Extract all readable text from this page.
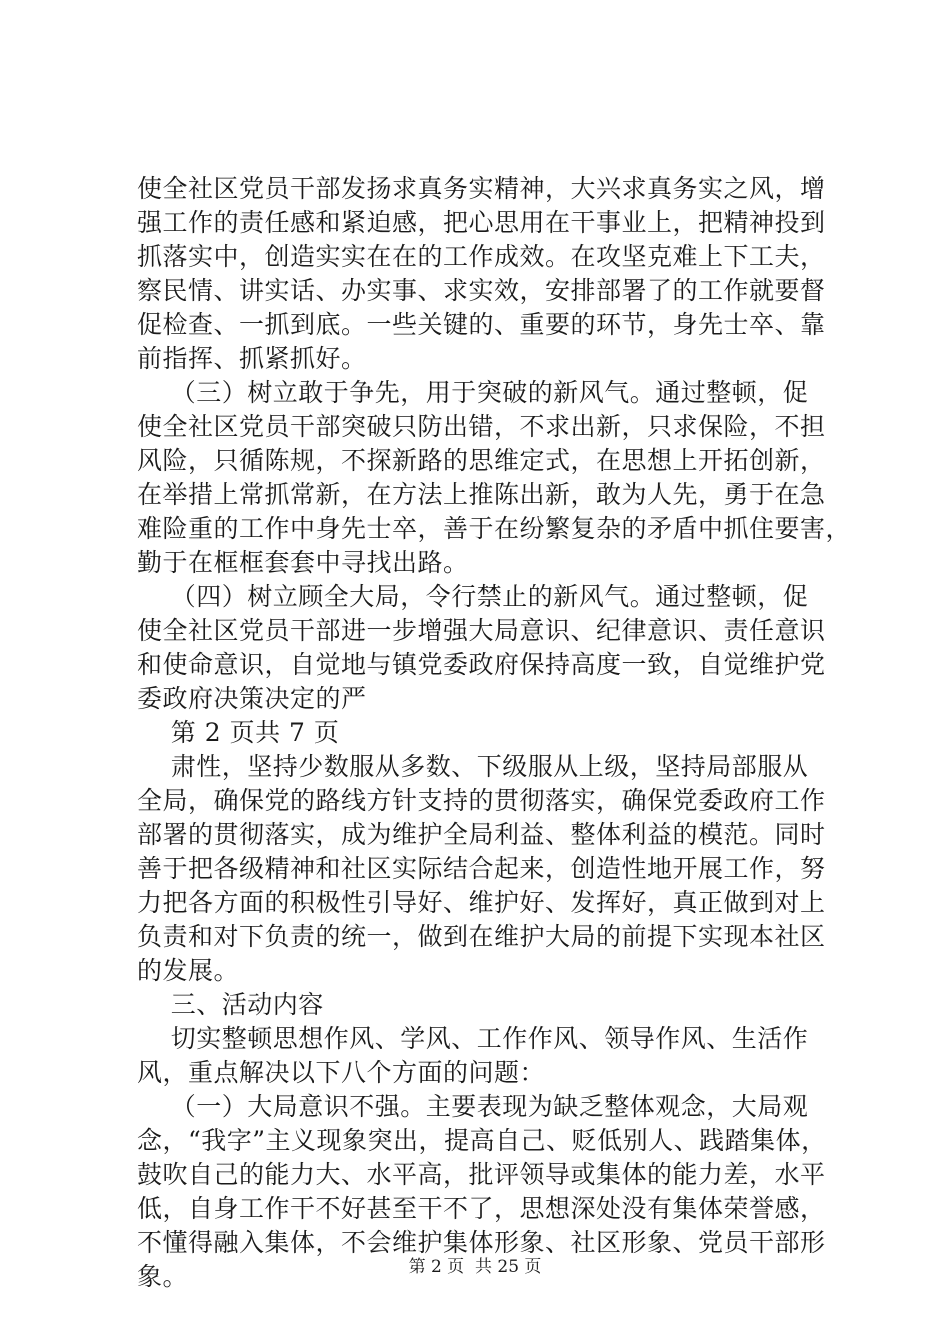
使全社区党员干部发扬求真务实精神，大兴求真务实之风，增
强工作的责任感和紧迫感，把心思用在干事业上，把精神投到
抓落实中，创造实实在在的工作成效。在攻坚克难上下工夫，
察民情、讲实话、办实事、求实效，安排部署了的工作就要督
促检查、一抓到底。一些关键的、重要的环节，身先士卒、靠
前指挥、抓紧抓好。
（三）树立敢于争先，用于突破的新风气。通过整顿，促
使全社区党员干部突破只防出错，不求出新，只求保险，不担
风险，只循陈规，不探新路的思维定式，在思想上开拓创新，
在举措上常抓常新，在方法上推陈出新，敢为人先，勇于在急
难险重的工作中身先士卒，善于在纷繁复杂的矛盾中抓住要害，
勤于在框框套套中寻找出路。
（四）树立顾全大局，令行禁止的新风气。通过整顿，促
使全社区党员干部进一步增强大局意识、纪律意识、责任意识
和使命意识，自觉地与镇党委政府保持高度一致，自觉维护党
委政府决策决定的严
第 2 页共 7 页
肃性，坚持少数服从多数、下级服从上级，坚持局部服从
全局，确保党的路线方针支持的贯彻落实，确保党委政府工作
部署的贯彻落实，成为维护全局利益、整体利益的模范。同时
善于把各级精神和社区实际结合起来，创造性地开展工作，努
力把各方面的积极性引导好、维护好、发挥好，真正做到对上
负责和对下负责的统一，做到在维护大局的前提下实现本社区
的发展。
三、活动内容
切实整顿思想作风、学风、工作作风、领导作风、生活作
风，重点解决以下八个方面的问题：
（一）大局意识不强。主要表现为缺乏整体观念，大局观
念，“我字”主义现象突出，提高自己、贬低别人、践踏集体，
鼓吹自己的能力大、水平高，批评领导或集体的能力差，水平
低，自身工作干不好甚至干不了，思想深处没有集体荣誉感，
不懂得融入集体，不会维护集体形象、社区形象、党员干部形
象。	第 2 页  共 25 页
